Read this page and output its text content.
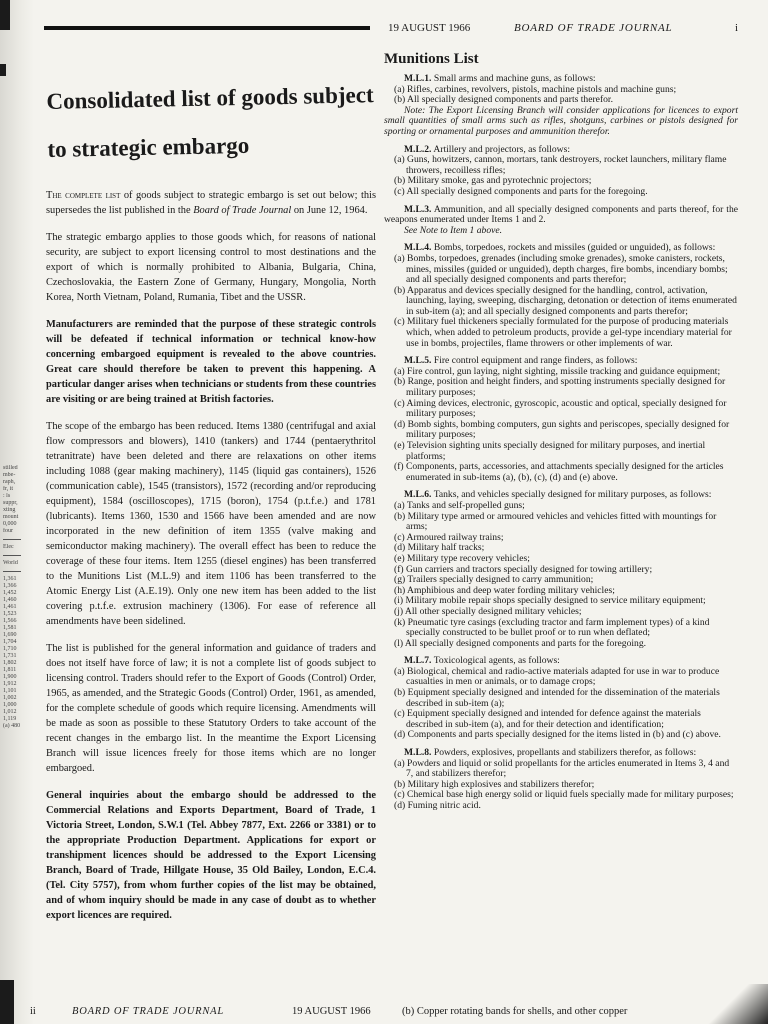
stilled
mbe-
raph,
fr, it
: ls
suppr,
xting
mount
0,000
four
Elec
World
1,361
1,366
1,452
1,460
1,461
1,523
1,566
1,581
1,690
1,704
1,710
1,731
1,802
1,811
1,900
1,912
1,101
1,002
1,000
1,012
1,119
(a) 480
19 AUGUST 1966	BOARD OF TRADE JOURNAL	i
Consolidated list of goods subject
to strategic embargo

The complete list of goods subject to strategic embargo is set out below; this supersedes the list published in the Board of Trade Journal on June 12, 1964.

The strategic embargo applies to those goods which, for reasons of national security, are subject to export licensing control to most destinations and the export of which is normally prohibited to Albania, Bulgaria, China, Czechoslovakia, the Eastern Zone of Germany, Hungary, Mongolia, North Korea, North Vietnam, Poland, Rumania, Tibet and the USSR.

Manufacturers are reminded that the purpose of these strategic controls will be defeated if technical information or technical know-how concerning embargoed equipment is revealed to the above countries. Great care should therefore be taken to prevent this happening. A particular danger arises when technicians or students from these countries are visiting or are being trained at British factories.

The scope of the embargo has been reduced. Items 1380 (centrifugal and axial flow compressors and blowers), 1410 (tankers) and 1744 (pentaerythritol tetranitrate) have been deleted and there are relaxations on other items including 1088 (gear making machinery), 1145 (liquid gas containers), 1526 (communication cable), 1545 (transistors), 1572 (recording and/or reproducing equipment), 1584 (oscilloscopes), 1715 (boron), 1754 (p.t.f.e.) and 1781 (lubricants). Items 1360, 1530 and 1566 have been amended and are now incorporated in the new definition of item 1355 (valve making and semiconductor making machinery). The overall effect has been to reduce the coverage of these four items. Item 1255 (diesel engines) has been transferred to the Munitions List (M.L.9) and item 1106 has been transferred to the Atomic Energy List (A.E.19). Only one new item has been added to the list covering p.t.f.e. extrusion machinery (1306). For ease of reference all amendments have been sidelined.

The list is published for the general information and guidance of traders and does not itself have force of law; it is not a complete list of goods subject to licensing control. Traders should refer to the Export of Goods (Control) Order, 1965, as amended, and the Strategic Goods (Control) Order, 1961, as amended, for the complete schedule of goods which require licensing. Amendments will be made as soon as possible to these Statutory Orders to take account of the recent changes in the embargo list. In the meantime the Export Licensing Branch will issue licences freely for those items which are no longer embargoed.

General inquiries about the embargo should be addressed to the Commercial Relations and Exports Department, Board of Trade, 1 Victoria Street, London, S.W.1 (Tel. Abbey 7877, Ext. 2266 or 3381) or to the appropriate Production Department. Applications for export or transhipment licences should be addressed to the Export Licensing Branch, Board of Trade, Hillgate House, 35 Old Bailey, London, E.C.4. (Tel. City 5757), from whom further copies of the list may be obtained, and of whom inquiry should be made in any case of doubt as to whether export licences are required.

Munitions List
M.L.1. Small arms and machine guns, as follows:
(a) Rifles, carbines, revolvers, pistols, machine pistols and machine guns;
(b) All specially designed components and parts therefor.
Note: The Export Licensing Branch will consider applications for licences to export small quantities of small arms such as rifles, shotguns, carbines or pistols designed for sporting or ornamental purposes and ammunition therefor.
M.L.2. Artillery and projectors, as follows:
(a) Guns, howitzers, cannon, mortars, tank destroyers, rocket launchers, military flame throwers, recoilless rifles;
(b) Military smoke, gas and pyrotechnic projectors;
(c) All specially designed components and parts for the foregoing.
M.L.3. Ammunition, and all specially designed components and parts thereof, for the weapons enumerated under Items 1 and 2.
See Note to Item 1 above.
M.L.4. Bombs, torpedoes, rockets and missiles (guided or unguided), as follows:
(a) Bombs, torpedoes, grenades (including smoke grenades), smoke canisters, rockets, mines, missiles (guided or unguided), depth charges, fire bombs, incendiary bombs; and all specially designed components and parts therefor;
(b) Apparatus and devices specially designed for the handling, control, activation, launching, laying, sweeping, discharging, detonation or detection of items enumerated in sub-item (a); and all specially designed components and parts therefor;
(c) Military fuel thickeners specially formulated for the purpose of producing materials which, when added to petroleum products, provide a gel-type incendiary material for use in bombs, projectiles, flame throwers or other implements of war.
M.L.5. Fire control equipment and range finders, as follows:
(a) Fire control, gun laying, night sighting, missile tracking and guidance equipment;
(b) Range, position and height finders, and spotting instruments specially designed for military purposes;
(c) Aiming devices, electronic, gyroscopic, acoustic and optical, specially designed for military purposes;
(d) Bomb sights, bombing computers, gun sights and periscopes, specially designed for military purposes;
(e) Television sighting units specially designed for military purposes, and inertial platforms;
(f) Components, parts, accessories, and attachments specially designed for the articles enumerated in sub-items (a), (b), (c), (d) and (e) above.
M.L.6. Tanks, and vehicles specially designed for military purposes, as follows:
(a) Tanks and self-propelled guns;
(b) Military type armed or armoured vehicles and vehicles fitted with mountings for arms;
(c) Armoured railway trains;
(d) Military half tracks;
(e) Military type recovery vehicles;
(f) Gun carriers and tractors specially designed for towing artillery;
(g) Trailers specially designed to carry ammunition;
(h) Amphibious and deep water fording military vehicles;
(i) Military mobile repair shops specially designed to service military equipment;
(j) All other specially designed military vehicles;
(k) Pneumatic tyre casings (excluding tractor and farm implement types) of a kind specially constructed to be bullet proof or to run when deflated;
(l) All specially designed components and parts for the foregoing.
M.L.7. Toxicological agents, as follows:
(a) Biological, chemical and radio-active materials adapted for use in war to produce casualties in men or animals, or to damage crops;
(b) Equipment specially designed and intended for the dissemination of the materials described in sub-item (a);
(c) Equipment specially designed and intended for defence against the materials described in sub-item (a), and for their detection and identification;
(d) Components and parts specially designed for the items listed in (b) and (c) above.
M.L.8. Powders, explosives, propellants and stabilizers therefor, as follows:
(a) Powders and liquid or solid propellants for the articles enumerated in Items 3, 4 and 7, and stabilizers therefor;
(b) Military high explosives and stabilizers therefor;
(c) Chemical base high energy solid or liquid fuels specially made for military purposes;
(d) Fuming nitric acid.
ii	BOARD OF TRADE JOURNAL	19 AUGUST 1966	(b) Copper rotating bands for shells, and other copper
